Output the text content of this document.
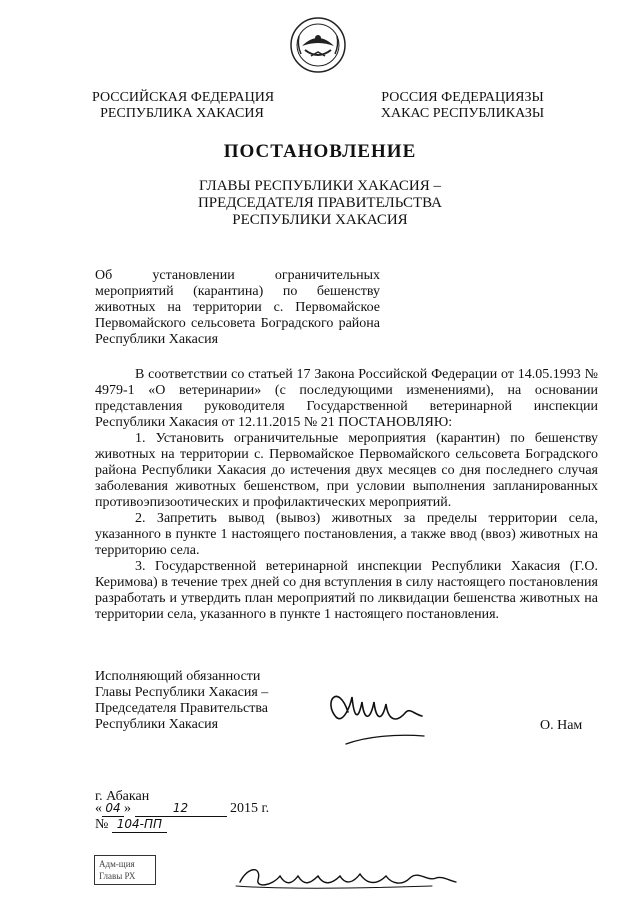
РОССИЙСКАЯ ФЕДЕРАЦИЯ
РЕСПУБЛИКА ХАКАСИЯ
РОССИЯ ФЕДЕРАЦИЯЗЫ
ХАКАС РЕСПУБЛИКАЗЫ
ПОСТАНОВЛЕНИЕ
ГЛАВЫ РЕСПУБЛИКИ ХАКАСИЯ –
ПРЕДСЕДАТЕЛЯ ПРАВИТЕЛЬСТВА
РЕСПУБЛИКИ ХАКАСИЯ
Об установлении ограничительных мероприятий (карантина) по бешенству животных на территории с. Первомайское Первомайского сельсовета Боградского района Республики Хакасия

В соответствии со статьей 17 Закона Российской Федерации от 14.05.1993 № 4979-1 «О ветеринарии» (с последующими изменениями), на основании представления руководителя Государственной ветеринарной инспекции Республики Хакасия от 12.11.2015 № 21 ПОСТАНОВЛЯЮ:

1. Установить ограничительные мероприятия (карантин) по бешенству животных на территории с. Первомайское Первомайского сельсовета Боградского района Республики Хакасия до истечения двух месяцев со дня последнего случая заболевания животных бешенством, при условии выполнения запланированных противоэпизоотических и профилактических мероприятий.

2. Запретить вывод (вывоз) животных за пределы территории села, указанного в пункте 1 настоящего постановления, а также ввод (ввоз) животных на территорию села.

3. Государственной ветеринарной инспекции Республики Хакасия (Г.О. Керимова) в течение трех дней со дня вступления в силу настоящего постановления разработать и утвердить план мероприятий по ликвидации бешенства животных на территории села, указанного в пункте 1 настоящего постановления.

Исполняющий обязанности
Главы Республики Хакасия –
Председателя Правительства
Республики Хакасия	О. Нам
г. Абакан
« 04 »	12	2015 г.
№ 104-ПП
Адм-щия
Главы РХ
